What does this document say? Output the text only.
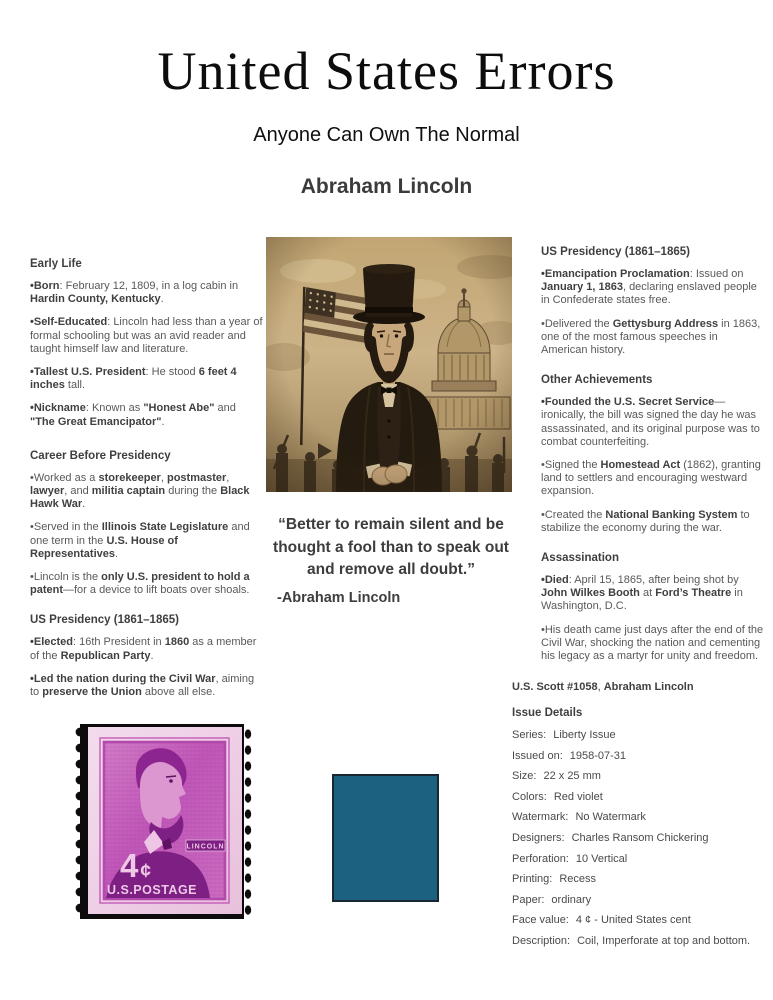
United States Errors
Anyone Can Own The Normal
Abraham Lincoln
Early Life

•Born: February 12, 1809, in a log cabin in Hardin County, Kentucky.

•Self-Educated: Lincoln had less than a year of formal schooling but was an avid reader and taught himself law and literature.

•Tallest U.S. President: He stood 6 feet 4 inches tall.

•Nickname: Known as "Honest Abe" and "The Great Emancipator".

Career Before Presidency

•Worked as a storekeeper, postmaster, lawyer, and militia captain during the Black Hawk War.

•Served in the Illinois State Legislature and one term in the U.S. House of Representatives.

•Lincoln is the only U.S. president to hold a patent—for a device to lift boats over shoals.

US Presidency (1861–1865)

•Elected: 16th President in 1860 as a member of the Republican Party.

•Led the nation during the Civil War, aiming to preserve the Union above all else.

US Presidency (1861–1865)

•Emancipation Proclamation: Issued on January 1, 1863, declaring enslaved people in Confederate states free.

•Delivered the Gettysburg Address in 1863, one of the most famous speeches in American history.

Other Achievements

•Founded the U.S. Secret Service—ironically, the bill was signed the day he was assassinated, and its original purpose was to combat counterfeiting.

•Signed the Homestead Act (1862), granting land to settlers and encouraging westward expansion.

•Created the National Banking System to stabilize the economy during the war.

Assassination

•Died: April 15, 1865, after being shot by John Wilkes Booth at Ford’s Theatre in Washington, D.C.

•His death came just days after the end of the Civil War, shocking the nation and cementing his legacy as a martyr for unity and freedom.

“Better to remain silent and be thought a fool than to speak out and remove all doubt.”

-Abraham Lincoln
4 ¢
LINCOLN
U.S.POSTAGE
U.S. Scott #1058, Abraham Lincoln
Issue Details
Series: Liberty Issue
Issued on: 1958-07-31
Size: 22 x 25 mm
Colors: Red violet
Watermark: No Watermark
Designers: Charles Ransom Chickering
Perforation: 10 Vertical
Printing: Recess
Paper: ordinary
Face value: 4 ¢ - United States cent
Description: Coil, Imperforate at top and bottom.
